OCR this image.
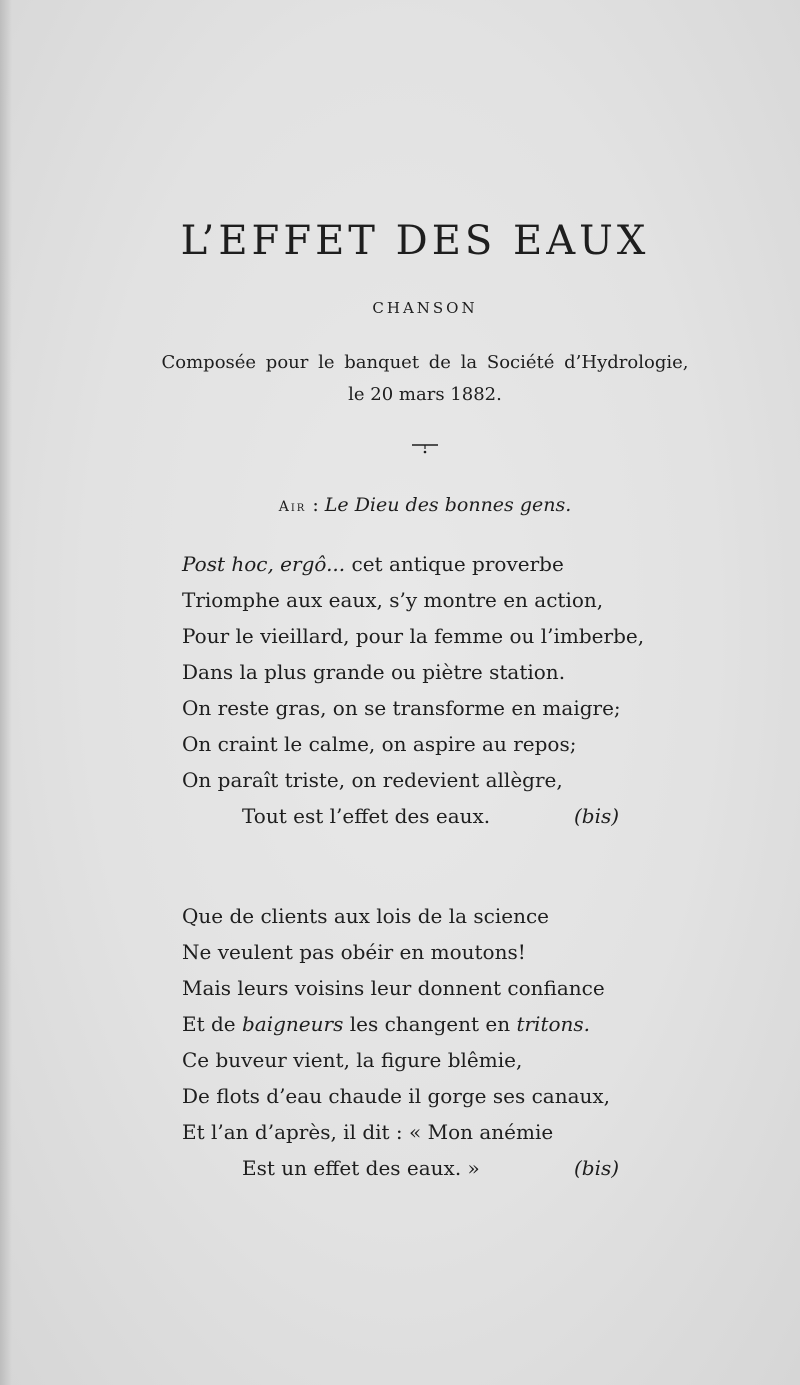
L’EFFET DES EAUX
CHANSON
Composée pour le banquet de la Société d’Hydrologie,
le 20 mars 1882.
Air : Le Dieu des bonnes gens.
Post hoc, ergô... cet antique proverbe
Triomphe aux eaux, s’y montre en action,
Pour le vieillard, pour la femme ou l’imberbe,
Dans la plus grande ou piètre station.
On reste gras, on se transforme en maigre;
On craint le calme, on aspire au repos;
On paraît triste, on redevient allègre,
Tout est l’effet des eaux.	(bis)
Que de clients aux lois de la science
Ne veulent pas obéir en moutons!
Mais leurs voisins leur donnent confiance
Et de baigneurs les changent en tritons.
Ce buveur vient, la figure blêmie,
De flots d’eau chaude il gorge ses canaux,
Et l’an d’après, il dit : « Mon anémie
Est un effet des eaux. »	(bis)
